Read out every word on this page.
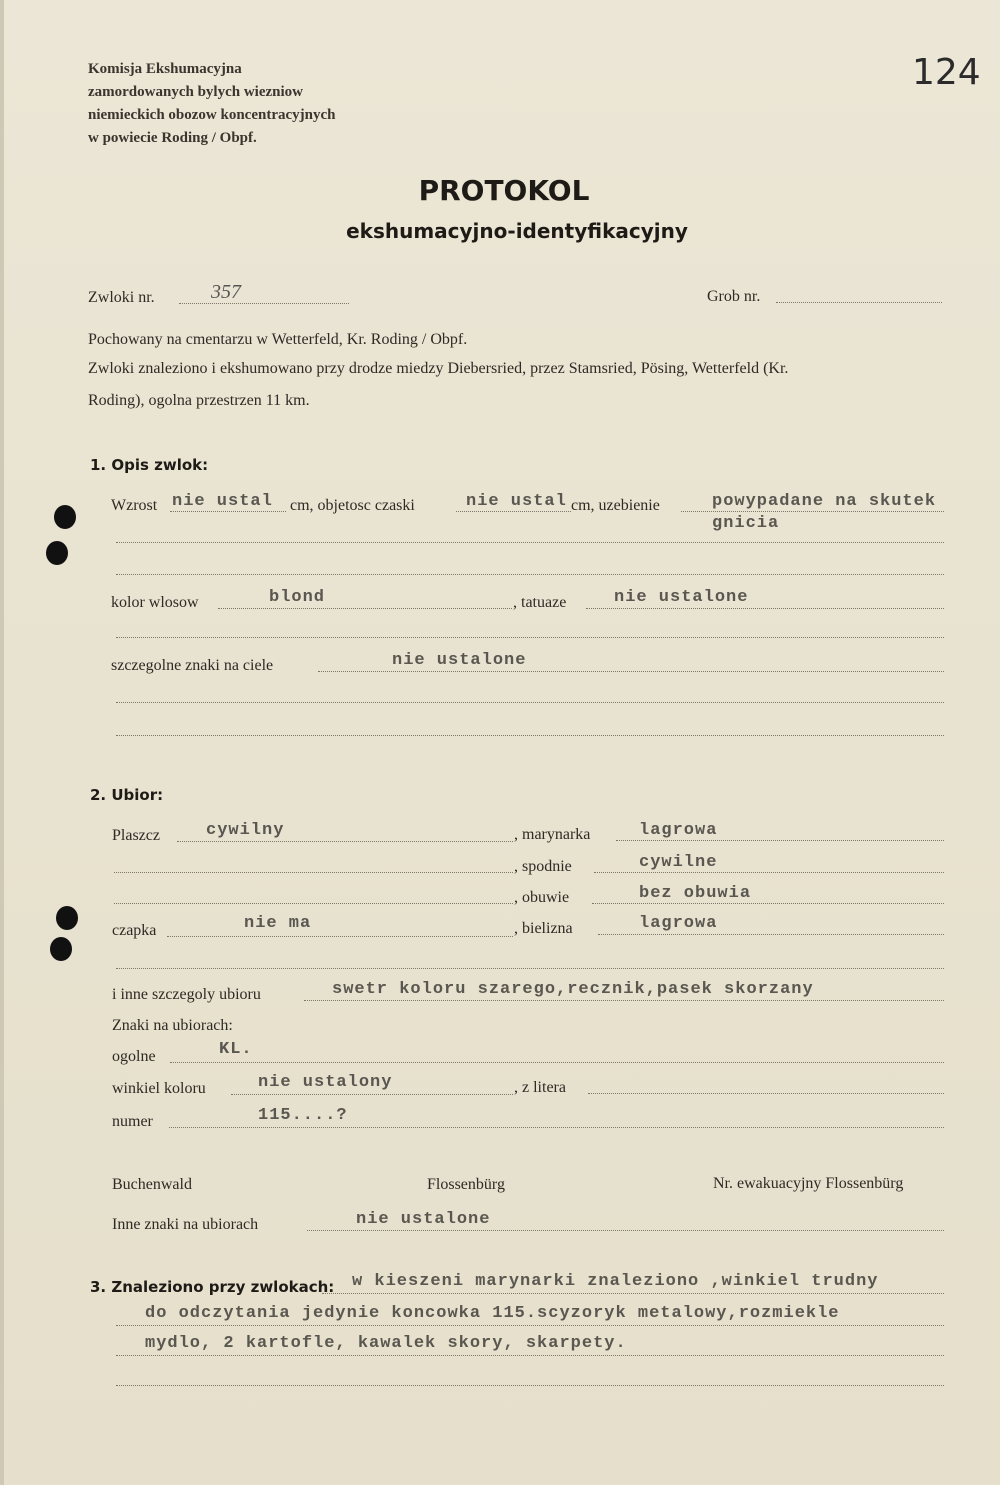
Komisja Ekshumacyjna
zamordowanych bylych wiezniow
niemieckich obozow koncentracyjnych
w powiecie Roding / Obpf.
124
PROTOKOL
ekshumacyjno-identyfikacyjny
Zwloki nr.	357	Grob nr.
Pochowany na cmentarzu w Wetterfeld, Kr. Roding / Obpf.
Zwloki znaleziono i ekshumowano przy drodze miedzy Diebersried, przez Stamsried, Pösing, Wetterfeld (Kr.
Roding), ogolna przestrzen 11 km.
1. Opis zwlok:
Wzrost nie ustal cm, objetosc czaski	nie ustal cm, uzebienie	powypadane na skutek
gnicia
kolor wlosow	blond	, tatuaze	nie ustalone
szczegolne znaki na ciele	nie ustalone
2. Ubior:
Plaszcz	cywilny	, marynarka	lagrowa
, spodnie	cywilne
, obuwie	bez obuwia
czapka	nie ma	, bielizna	lagrowa
i inne szczegoly ubioru	swetr koloru szarego,recznik,pasek skorzany
Znaki na ubiorach:
ogolne	KL.
winkiel koloru	nie ustalony	, z litera
numer	115....?
Buchenwald	Flossenbürg	Nr. ewakuacyjny Flossenbürg
Inne znaki na ubiorach	nie ustalone
3. Znaleziono przy zwlokach: w kieszeni marynarki znaleziono ,winkiel trudny
do odczytania jedynie koncowka 115.scyzoryk metalowy,rozmiekle
mydlo, 2 kartofle, kawalek skory, skarpety.
